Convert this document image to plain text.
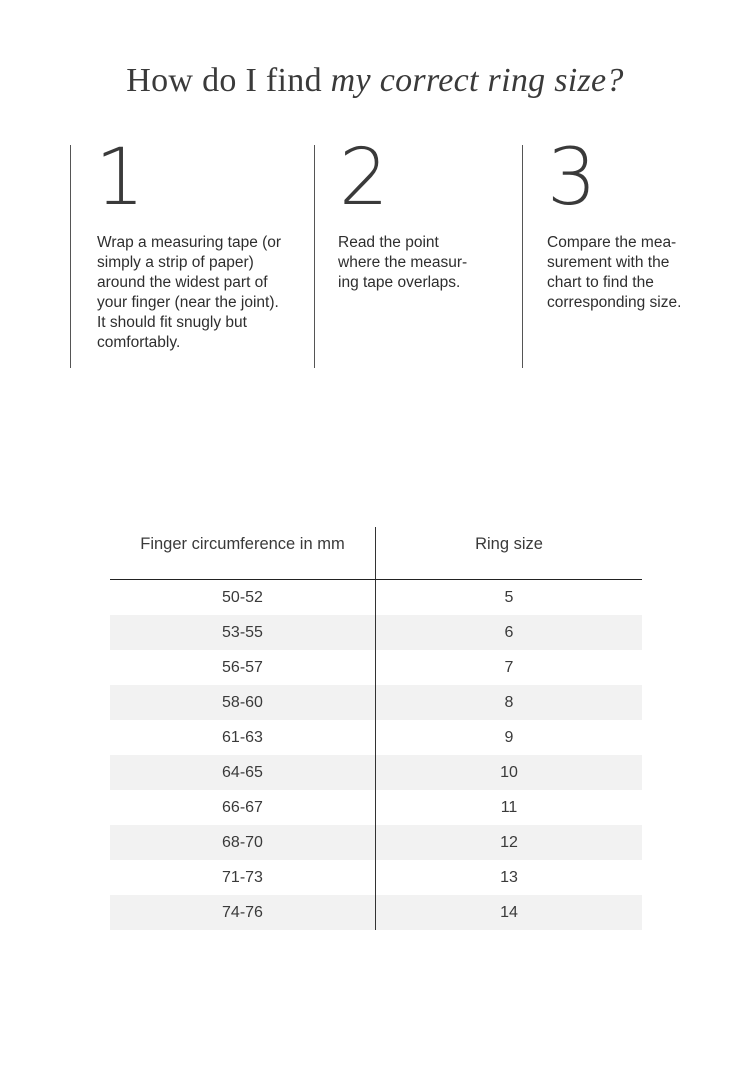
How do I find my correct ring size?
1

Wrap a measuring tape (or simply a strip of paper) around the widest part of your finger (near the joint). It should fit snugly but comfortably.

2

Read the point where the measur-ing tape overlaps.

3

Compare the mea-surement with the chart to find the corresponding size.

Finger circumference in mm	Ring size
50-52	5
53-55	6
56-57	7
58-60	8
61-63	9
64-65	10
66-67	11
68-70	12
71-73	13
74-76	14
